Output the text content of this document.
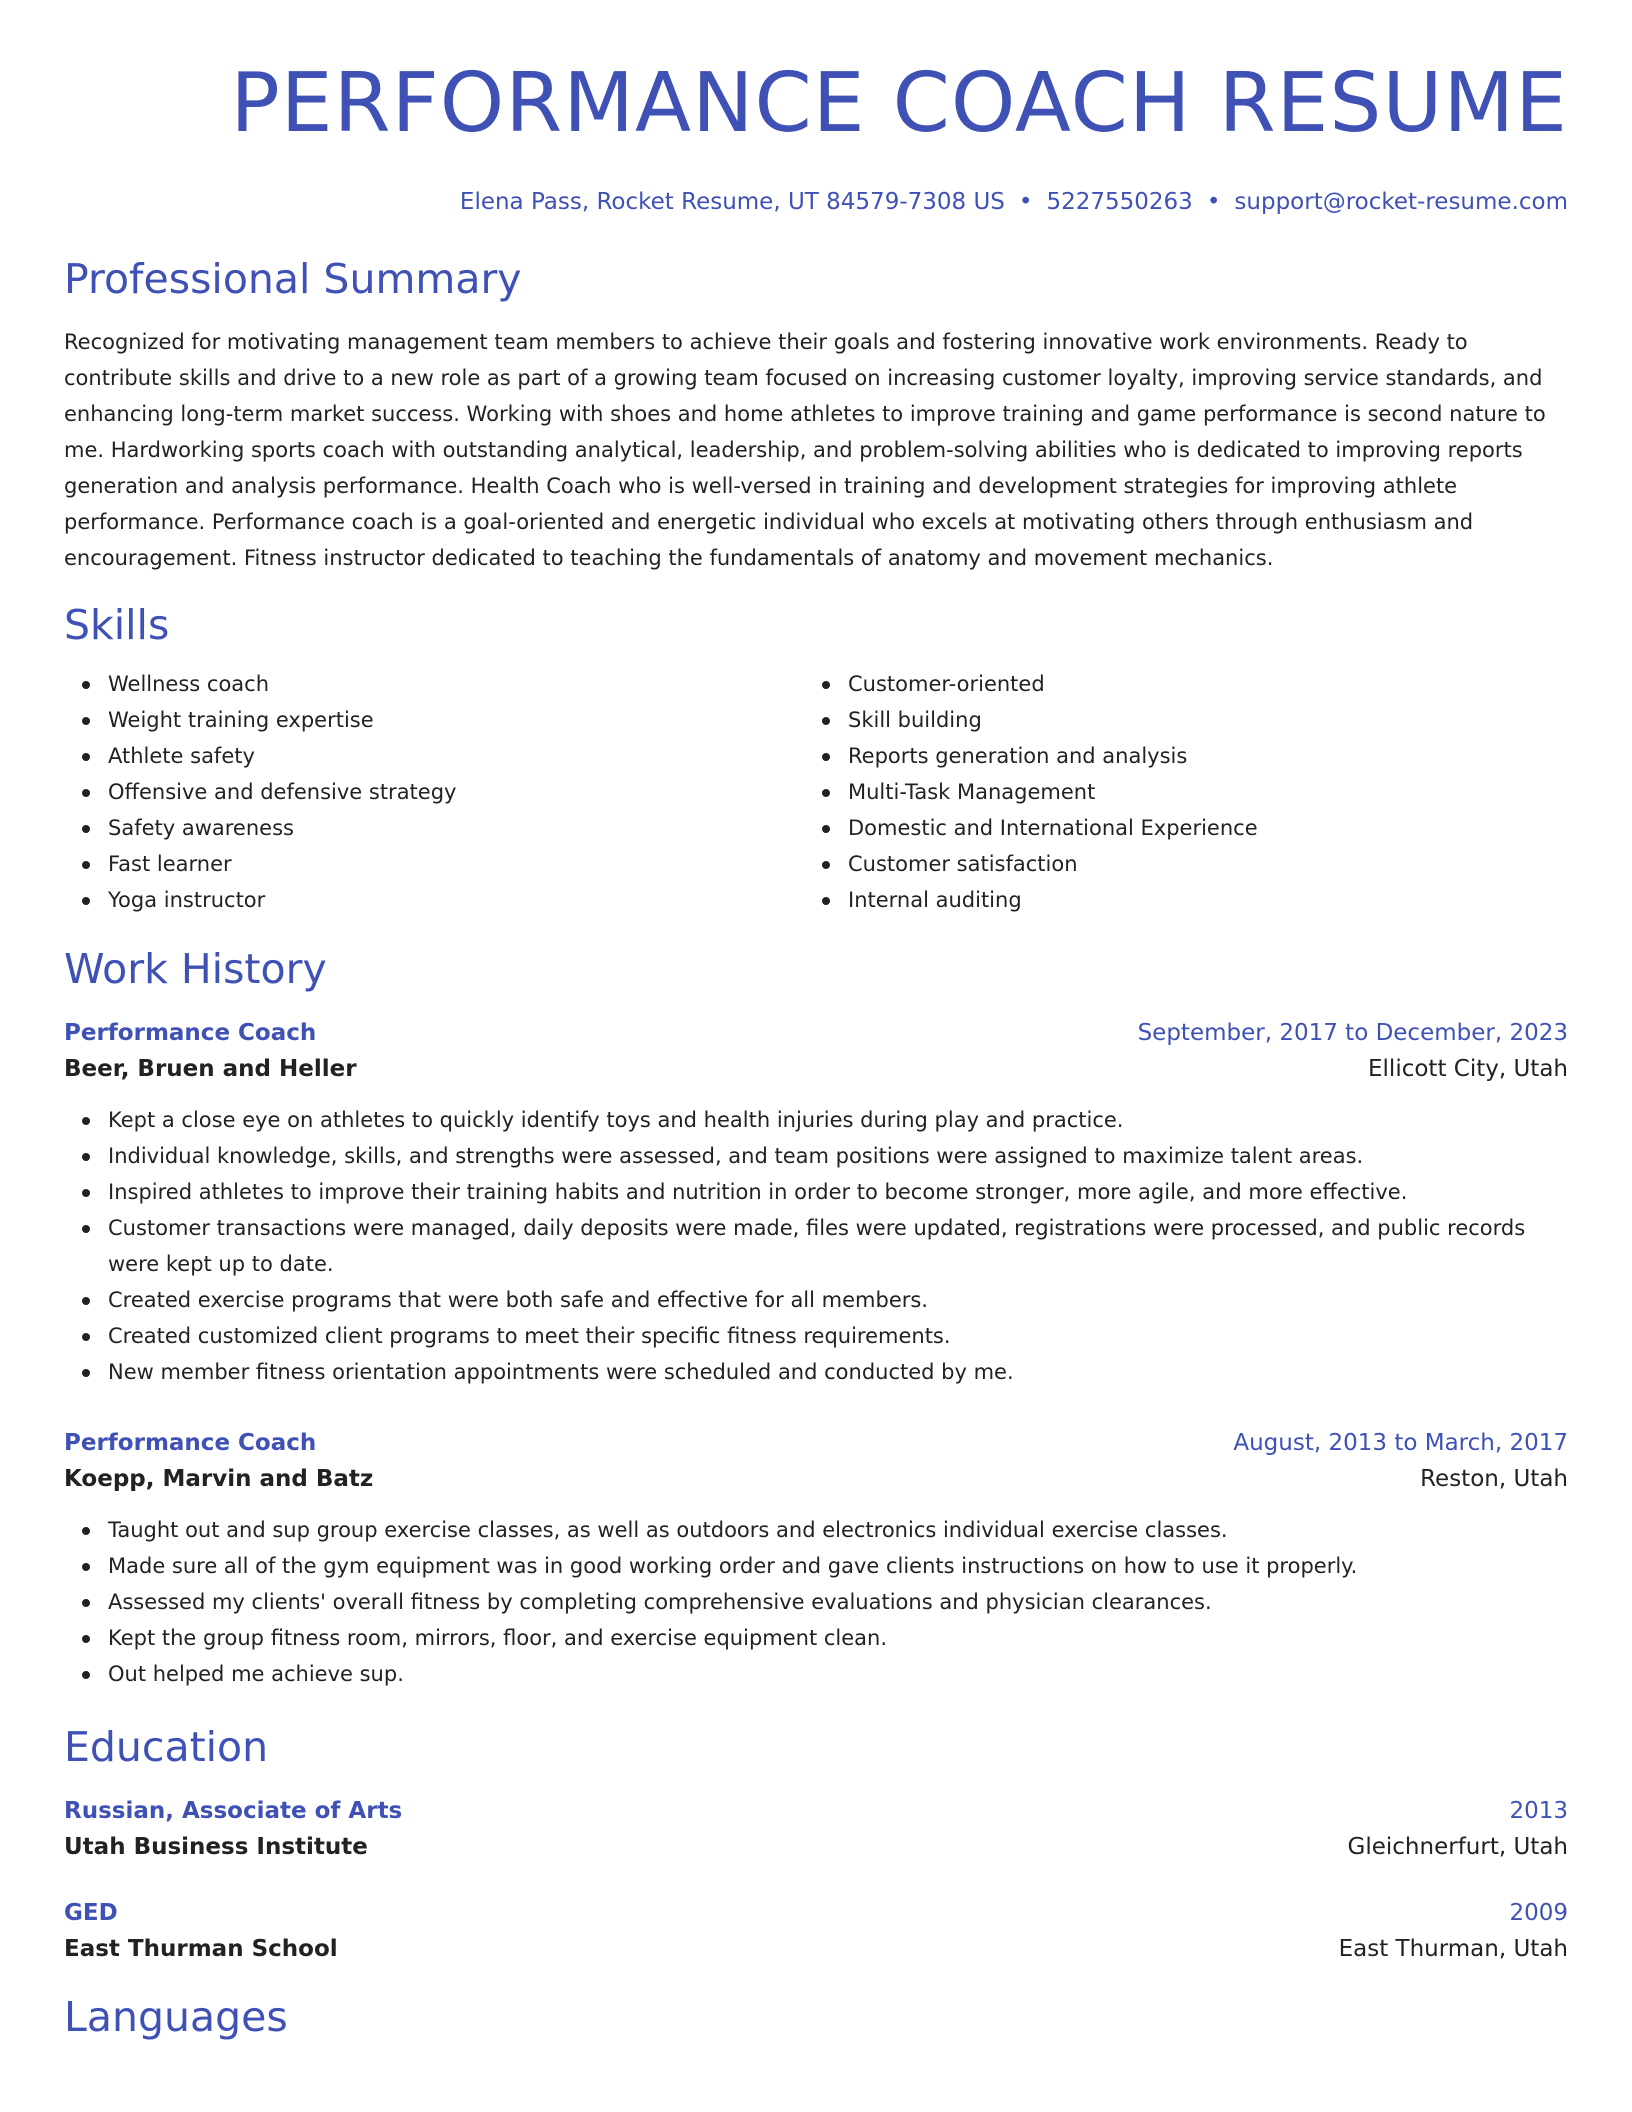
PERFORMANCE COACH RESUME
Elena Pass, Rocket Resume, UT 84579-7308 US • 5227550263 • support@rocket-resume.com
Professional Summary
Recognized for motivating management team members to achieve their goals and fostering innovative work environments. Ready to contribute skills and drive to a new role as part of a growing team focused on increasing customer loyalty, improving service standards, and enhancing long-term market success. Working with shoes and home athletes to improve training and game performance is second nature to me. Hardworking sports coach with outstanding analytical, leadership, and problem-solving abilities who is dedicated to improving reports generation and analysis performance. Health Coach who is well-versed in training and development strategies for improving athlete performance. Performance coach is a goal-oriented and energetic individual who excels at motivating others through enthusiasm and encouragement. Fitness instructor dedicated to teaching the fundamentals of anatomy and movement mechanics.
Skills
Wellness coach
Weight training expertise
Athlete safety
Offensive and defensive strategy
Safety awareness
Fast learner
Yoga instructor
Customer-oriented
Skill building
Reports generation and analysis
Multi-Task Management
Domestic and International Experience
Customer satisfaction
Internal auditing
Work History
Performance Coach	September, 2017 to December, 2023
Beer, Bruen and Heller	Ellicott City, Utah
Kept a close eye on athletes to quickly identify toys and health injuries during play and practice.
Individual knowledge, skills, and strengths were assessed, and team positions were assigned to maximize talent areas.
Inspired athletes to improve their training habits and nutrition in order to become stronger, more agile, and more effective.
Customer transactions were managed, daily deposits were made, files were updated, registrations were processed, and public records were kept up to date.
Created exercise programs that were both safe and effective for all members.
Created customized client programs to meet their specific fitness requirements.
New member fitness orientation appointments were scheduled and conducted by me.
Performance Coach	August, 2013 to March, 2017
Koepp, Marvin and Batz	Reston, Utah
Taught out and sup group exercise classes, as well as outdoors and electronics individual exercise classes.
Made sure all of the gym equipment was in good working order and gave clients instructions on how to use it properly.
Assessed my clients' overall fitness by completing comprehensive evaluations and physician clearances.
Kept the group fitness room, mirrors, floor, and exercise equipment clean.
Out helped me achieve sup.
Education
Russian, Associate of Arts	2013
Utah Business Institute	Gleichnerfurt, Utah
GED	2009
East Thurman School	East Thurman, Utah
Languages
